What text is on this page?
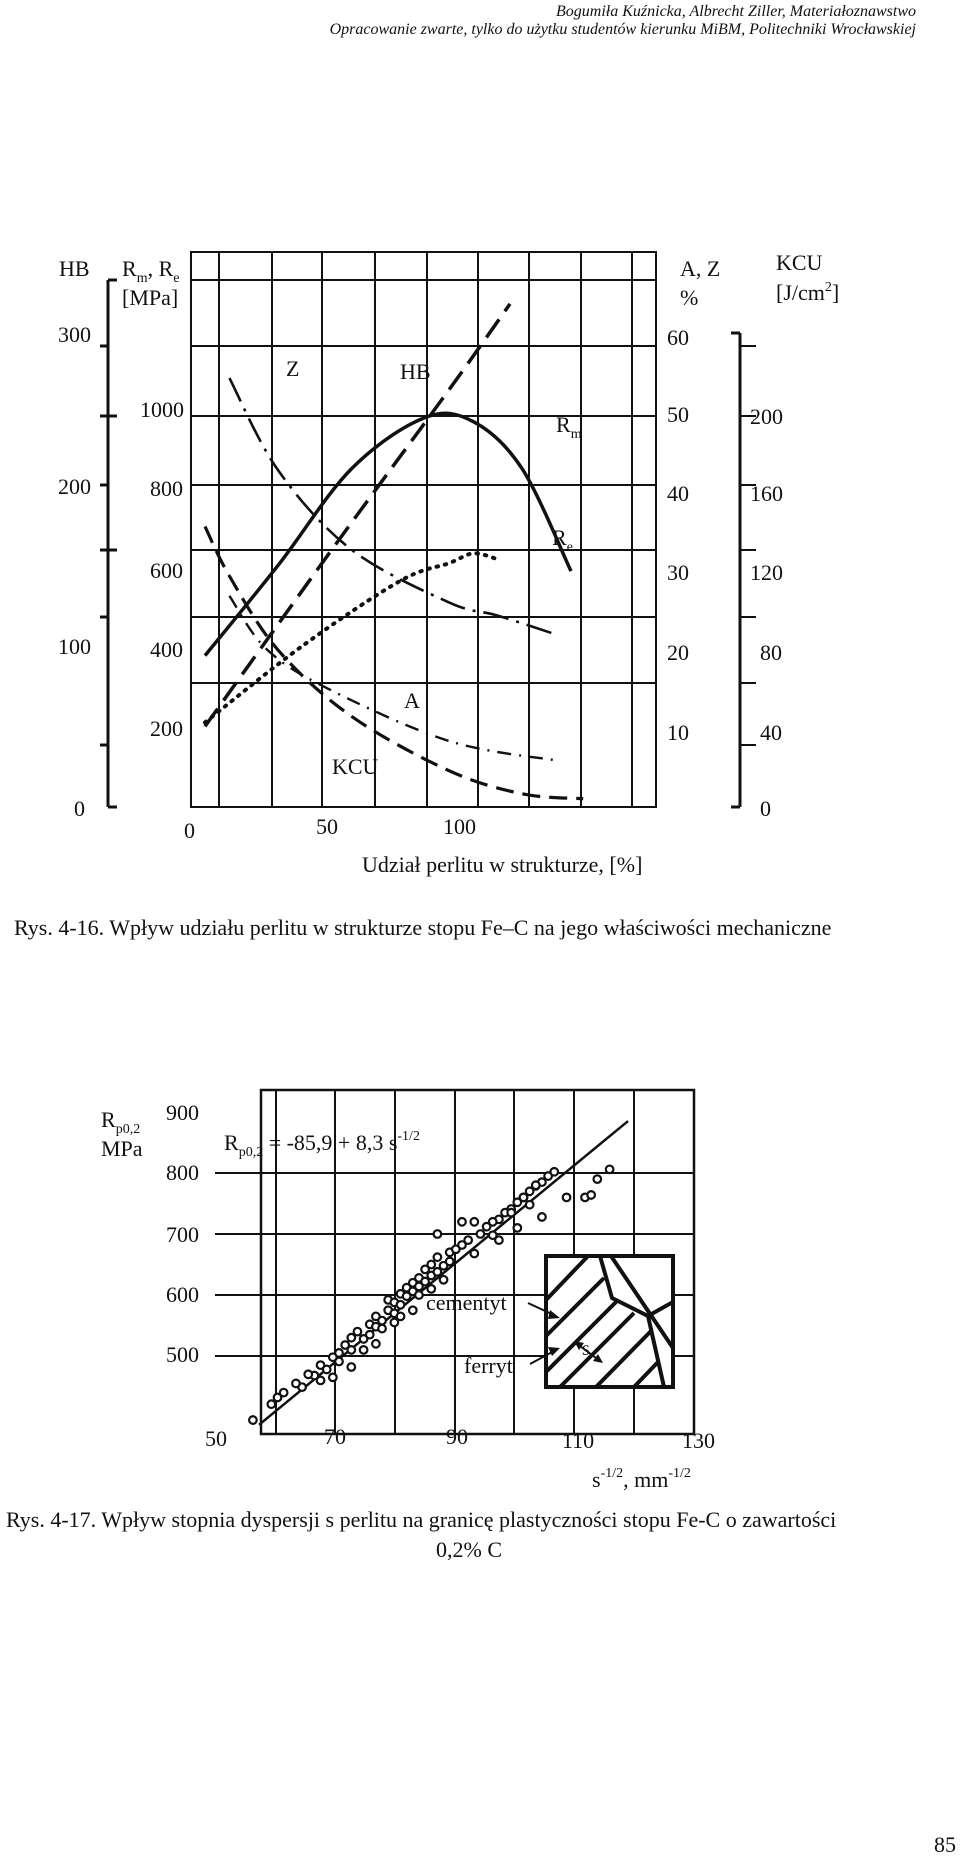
Bogumiła Kuźnicka, Albrecht Ziller, Materiałoznawstwo
Opracowanie zwarte, tylko do użytku studentów kierunku MiBM, Politechniki Wrocławskiej
HB
300
200
100
0
$R_m$, $R_e$
[MPa]
1000
800
600
400
200
A, Z
%
60
50
40
30
20
10
KCU
$[J/cm^2]$
200
160
120
80
40
0
0	50	100
Udział perlitu w strukturze, [%]
Z	HB
$R_m$
$R_e$
A
KCU
$R_{p0,2}$
MPa
900
800
700
600
500
50	70	90	110	130
$s^{-1/2}$, $mm^{-1/2}$
$R_{p0,2} = -85,9 + 8,3$ $s^{-1/2}$
cementyt
ferryt
s
Rys. 4-16. Wpływ udziału perlitu w strukturze stopu Fe–C na jego właściwości mechaniczne
Rys. 4-17. Wpływ stopnia dyspersji s perlitu na granicę plastyczności stopu Fe-C o zawartości
0,2% C
85
